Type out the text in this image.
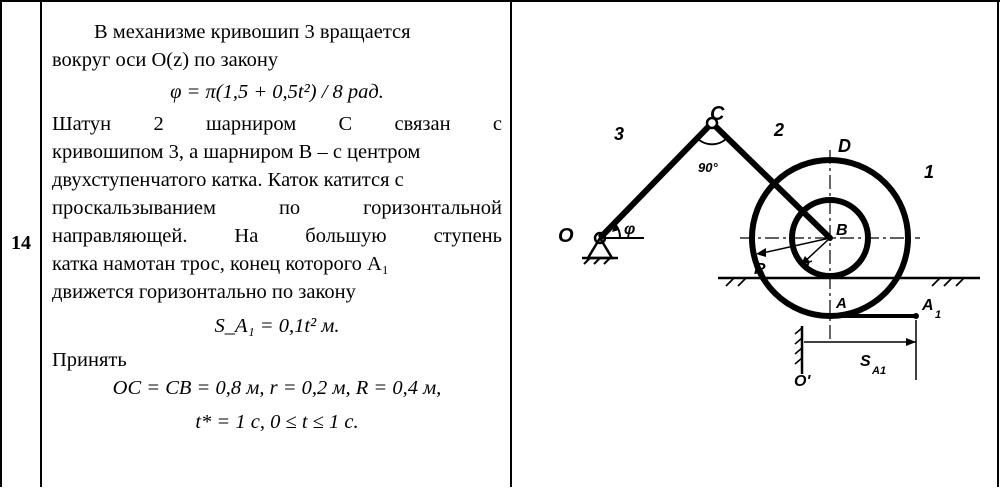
14

В механизме кривошип 3 вращается

вокруг оси O(z) по закону

φ = π(1,5 + 0,5t²) / 8 рад.

Шатун 2 шарниром C связан с

кривошипом 3, а шарниром B – с центром

двухступенчатого катка. Каток катится с

проскальзыванием по горизонтальной

направляющей. На большую ступень

катка намотан трос, конец которого A₁

движется горизонтально по закону

S_A₁ = 0,1t² м.

Принять

OC = CB = 0,8 м, r = 0,2 м, R = 0,4 м,

t* = 1 с, 0 ≤ t ≤ 1 с.

O	φ
3
C
90°
2
D
1
B
R	r
A	A
1
O'
S
A1
